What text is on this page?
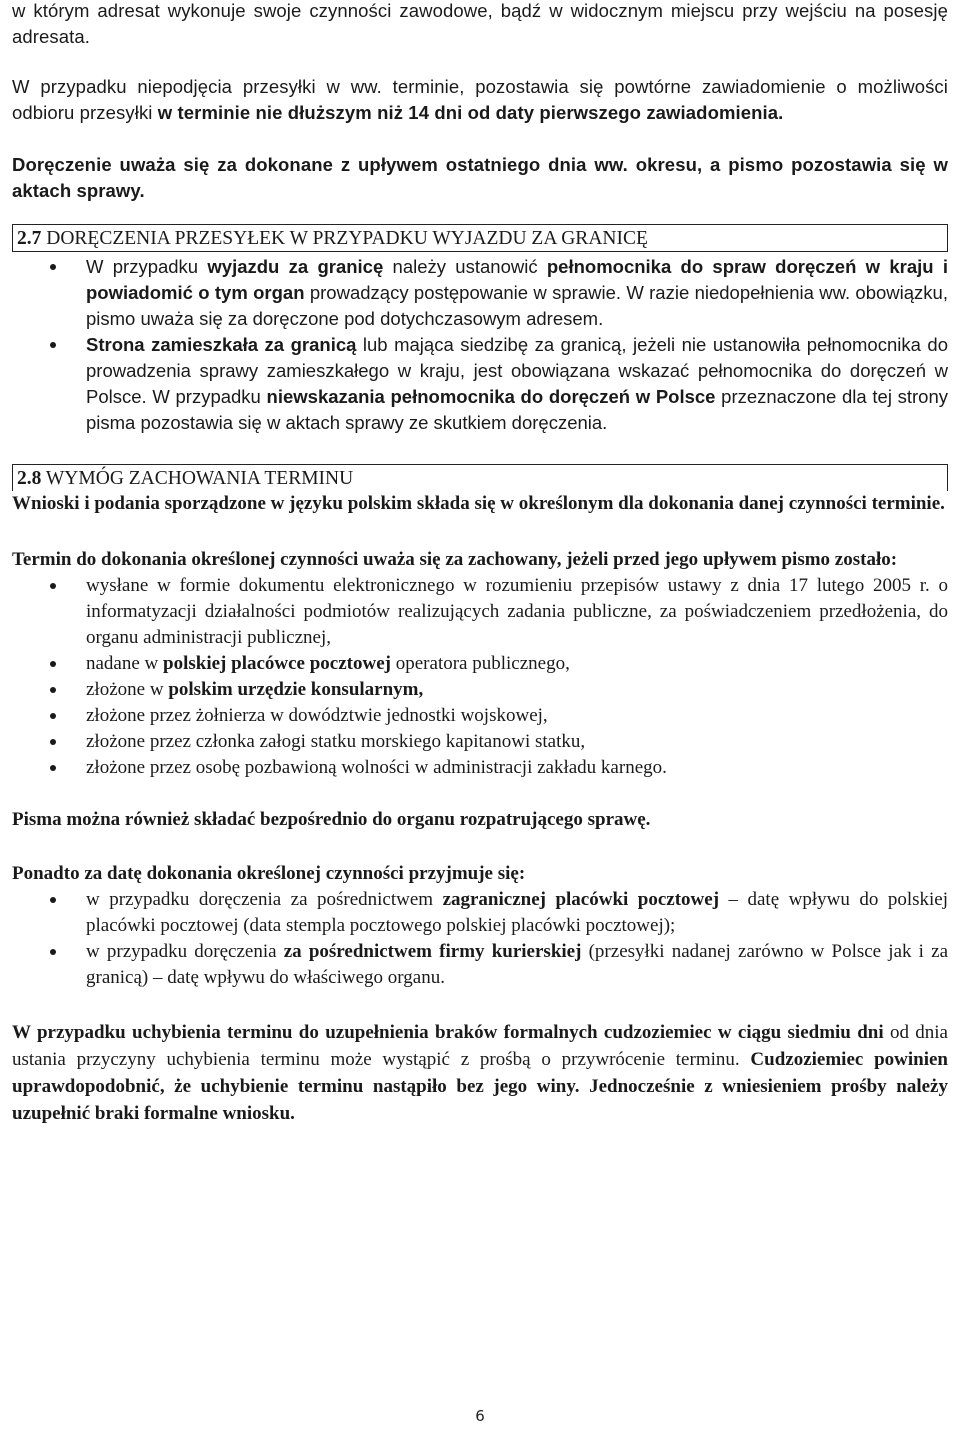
w którym adresat wykonuje swoje czynności zawodowe, bądź w widocznym miejscu przy wejściu na posesję adresata.

W przypadku niepodjęcia przesyłki w ww. terminie, pozostawia się powtórne zawiadomienie o możliwości odbioru przesyłki w terminie nie dłuższym niż 14 dni od daty pierwszego zawiadomienia.

Doręczenie uważa się za dokonane z upływem ostatniego dnia ww. okresu, a pismo pozostawia się w aktach sprawy.

2.7 DORĘCZENIA PRZESYŁEK W PRZYPADKU WYJAZDU ZA GRANICĘ
W przypadku wyjazdu za granicę należy ustanowić pełnomocnika do spraw doręczeń w kraju i powiadomić o tym organ prowadzący postępowanie w sprawie. W razie niedopełnienia ww. obowiązku, pismo uważa się za doręczone pod dotychczasowym adresem.
Strona zamieszkała za granicą lub mająca siedzibę za granicą, jeżeli nie ustanowiła pełnomocnika do prowadzenia sprawy zamieszkałego w kraju, jest obowiązana wskazać pełnomocnika do doręczeń w Polsce. W przypadku niewskazania pełnomocnika do doręczeń w Polsce przeznaczone dla tej strony pisma pozostawia się w aktach sprawy ze skutkiem doręczenia.
2.8 WYMÓG ZACHOWANIA TERMINU

Wnioski i podania sporządzone w języku polskim składa się w określonym dla dokonania danej czynności terminie.

Termin do dokonania określonej czynności uważa się za zachowany, jeżeli przed jego upływem pismo zostało:

wysłane w formie dokumentu elektronicznego w rozumieniu przepisów ustawy z dnia 17 lutego 2005 r. o informatyzacji działalności podmiotów realizujących zadania publiczne, za poświadczeniem przedłożenia, do organu administracji publicznej,
nadane w polskiej placówce pocztowej operatora publicznego,
złożone w polskim urzędzie konsularnym,
złożone przez żołnierza w dowództwie jednostki wojskowej,
złożone przez członka załogi statku morskiego kapitanowi statku,
złożone przez osobę pozbawioną wolności w administracji zakładu karnego.

Pisma można również składać bezpośrednio do organu rozpatrującego sprawę.

Ponadto za datę dokonania określonej czynności przyjmuje się:

w przypadku doręczenia za pośrednictwem zagranicznej placówki pocztowej – datę wpływu do polskiej placówki pocztowej (data stempla pocztowego polskiej placówki pocztowej);
w przypadku doręczenia za pośrednictwem firmy kurierskiej (przesyłki nadanej zarówno w Polsce jak i za granicą) – datę wpływu do właściwego organu.

W przypadku uchybienia terminu do uzupełnienia braków formalnych cudzoziemiec w ciągu siedmiu dni od dnia ustania przyczyny uchybienia terminu może wystąpić z prośbą o przywrócenie terminu. Cudzoziemiec powinien uprawdopodobnić, że uchybienie terminu nastąpiło bez jego winy. Jednocześnie z wniesieniem prośby należy uzupełnić braki formalne wniosku.

6
